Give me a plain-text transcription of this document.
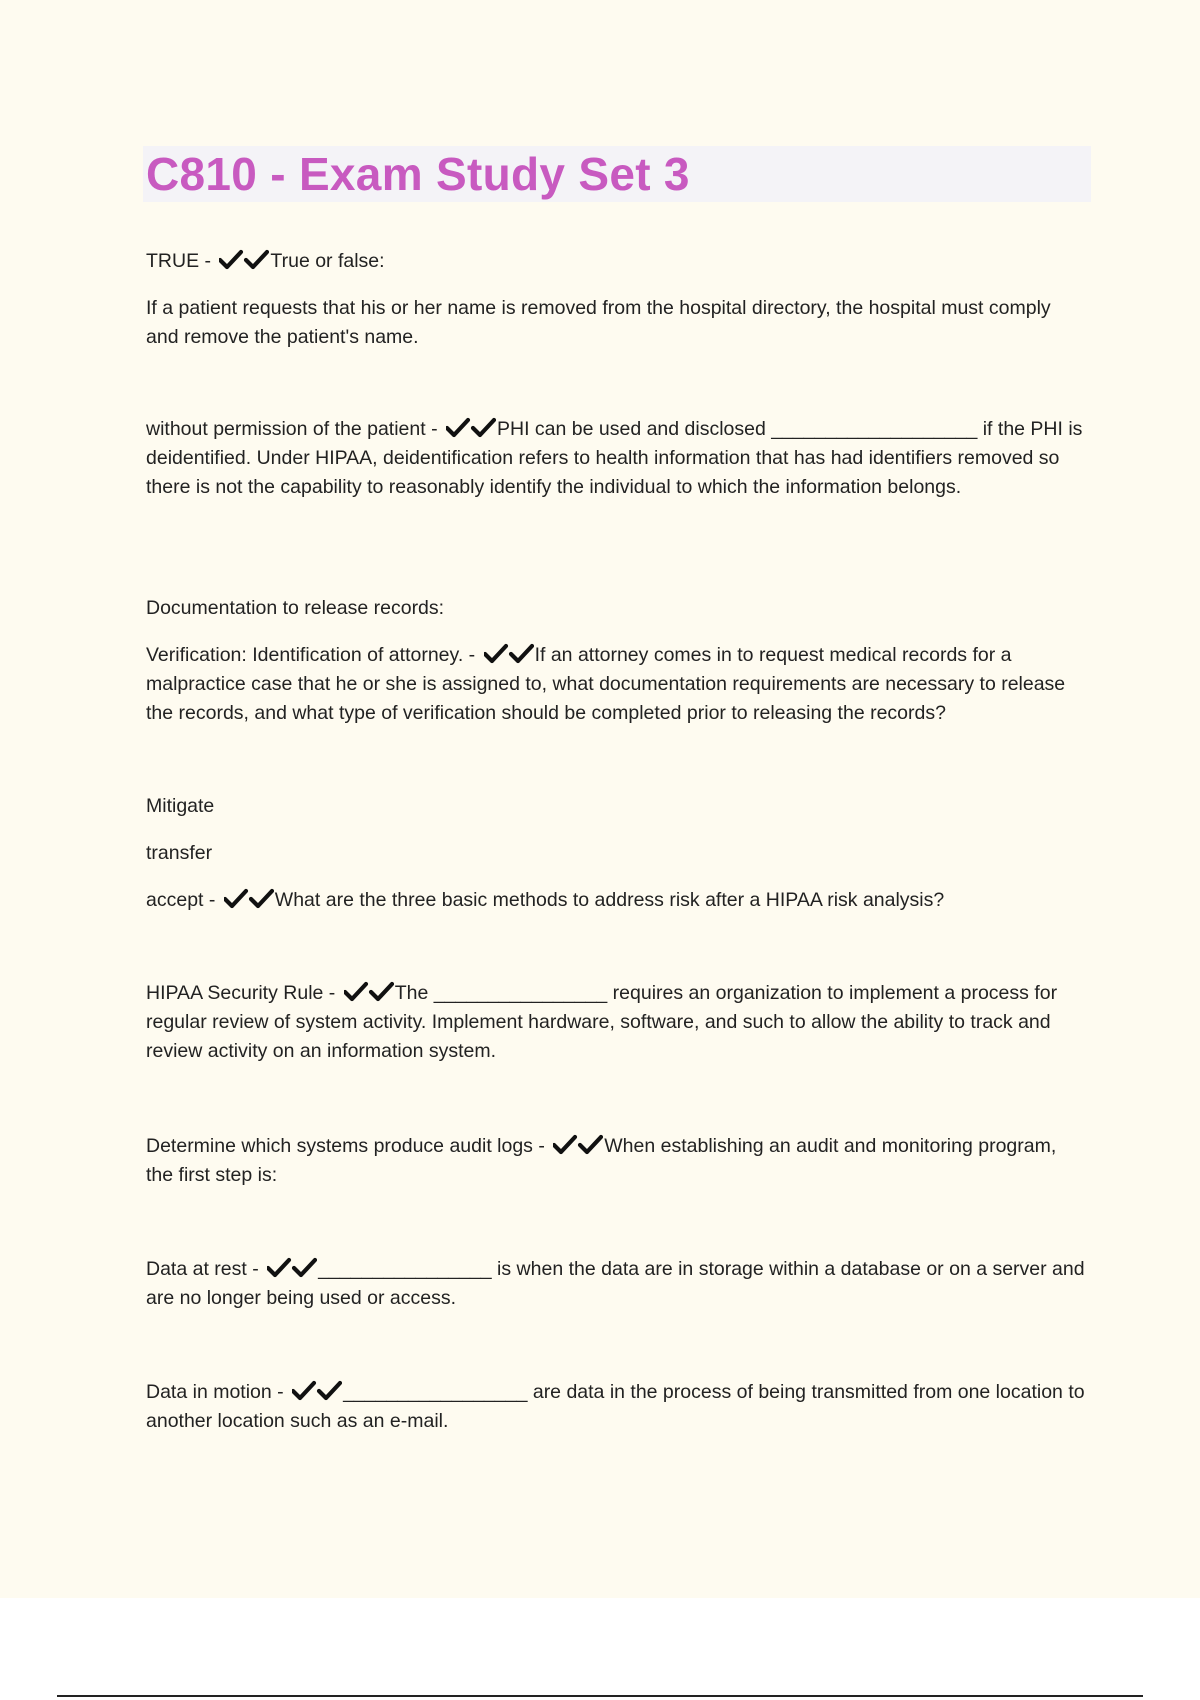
C810 - Exam Study Set 3

TRUE -	True or false:

If a patient requests that his or her name is removed from the hospital directory, the hospital must comply and remove the patient's name.

without permission of the patient -	PHI can be used and disclosed ___________________ if the PHI is deidentified. Under HIPAA, deidentification refers to health information that has had identifiers removed so there is not the capability to reasonably identify the individual to which the information belongs.

Documentation to release records:

Verification: Identification of attorney. -	If an attorney comes in to request medical records for a malpractice case that he or she is assigned to, what documentation requirements are necessary to release the records, and what type of verification should be completed prior to releasing the records?

Mitigate

transfer

accept -	What are the three basic methods to address risk after a HIPAA risk analysis?

HIPAA Security Rule -	The ________________ requires an organization to implement a process for regular review of system activity. Implement hardware, software, and such to allow the ability to track and review activity on an information system.

Determine which systems produce audit logs -	When establishing an audit and monitoring program, the first step is:

Data at rest -	________________ is when the data are in storage within a database or on a server and are no longer being used or access.

Data in motion -	_________________ are data in the process of being transmitted from one location to another location such as an e-mail.
